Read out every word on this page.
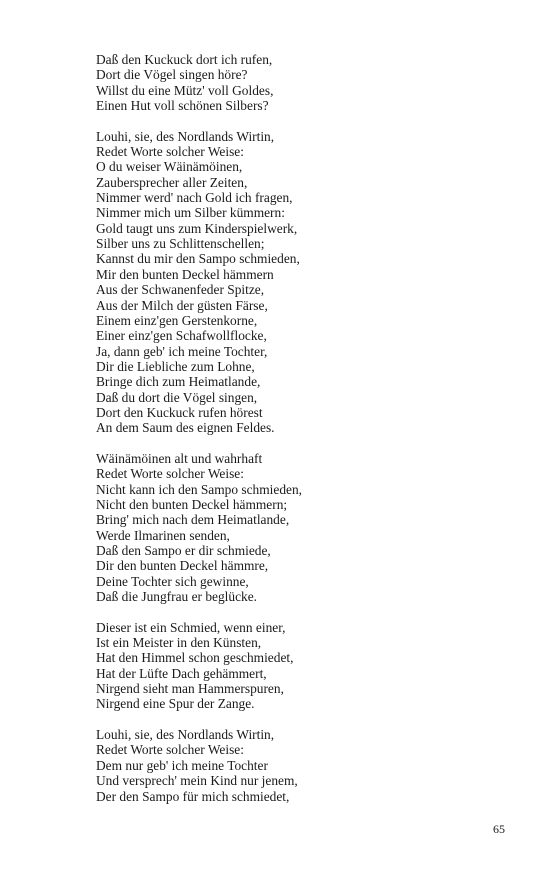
Daß den Kuckuck dort ich rufen,
Dort die Vögel singen höre?
Willst du eine Mütz' voll Goldes,
Einen Hut voll schönen Silbers?
Louhi, sie, des Nordlands Wirtin,
Redet Worte solcher Weise:
O du weiser Wäinämöinen,
Zaubersprecher aller Zeiten,
Nimmer werd' nach Gold ich fragen,
Nimmer mich um Silber kümmern:
Gold taugt uns zum Kinderspielwerk,
Silber uns zu Schlittenschellen;
Kannst du mir den Sampo schmieden,
Mir den bunten Deckel hämmern
Aus der Schwanenfeder Spitze,
Aus der Milch der güsten Färse,
Einem einz'gen Gerstenkorne,
Einer einz'gen Schafwollflocke,
Ja, dann geb' ich meine Tochter,
Dir die Liebliche zum Lohne,
Bringe dich zum Heimatlande,
Daß du dort die Vögel singen,
Dort den Kuckuck rufen hörest
An dem Saum des eignen Feldes.
Wäinämöinen alt und wahrhaft
Redet Worte solcher Weise:
Nicht kann ich den Sampo schmieden,
Nicht den bunten Deckel hämmern;
Bring' mich nach dem Heimatlande,
Werde Ilmarinen senden,
Daß den Sampo er dir schmiede,
Dir den bunten Deckel hämmre,
Deine Tochter sich gewinne,
Daß die Jungfrau er beglücke.
Dieser ist ein Schmied, wenn einer,
Ist ein Meister in den Künsten,
Hat den Himmel schon geschmiedet,
Hat der Lüfte Dach gehämmert,
Nirgend sieht man Hammerspuren,
Nirgend eine Spur der Zange.
Louhi, sie, des Nordlands Wirtin,
Redet Worte solcher Weise:
Dem nur geb' ich meine Tochter
Und versprech' mein Kind nur jenem,
Der den Sampo für mich schmiedet,
65
